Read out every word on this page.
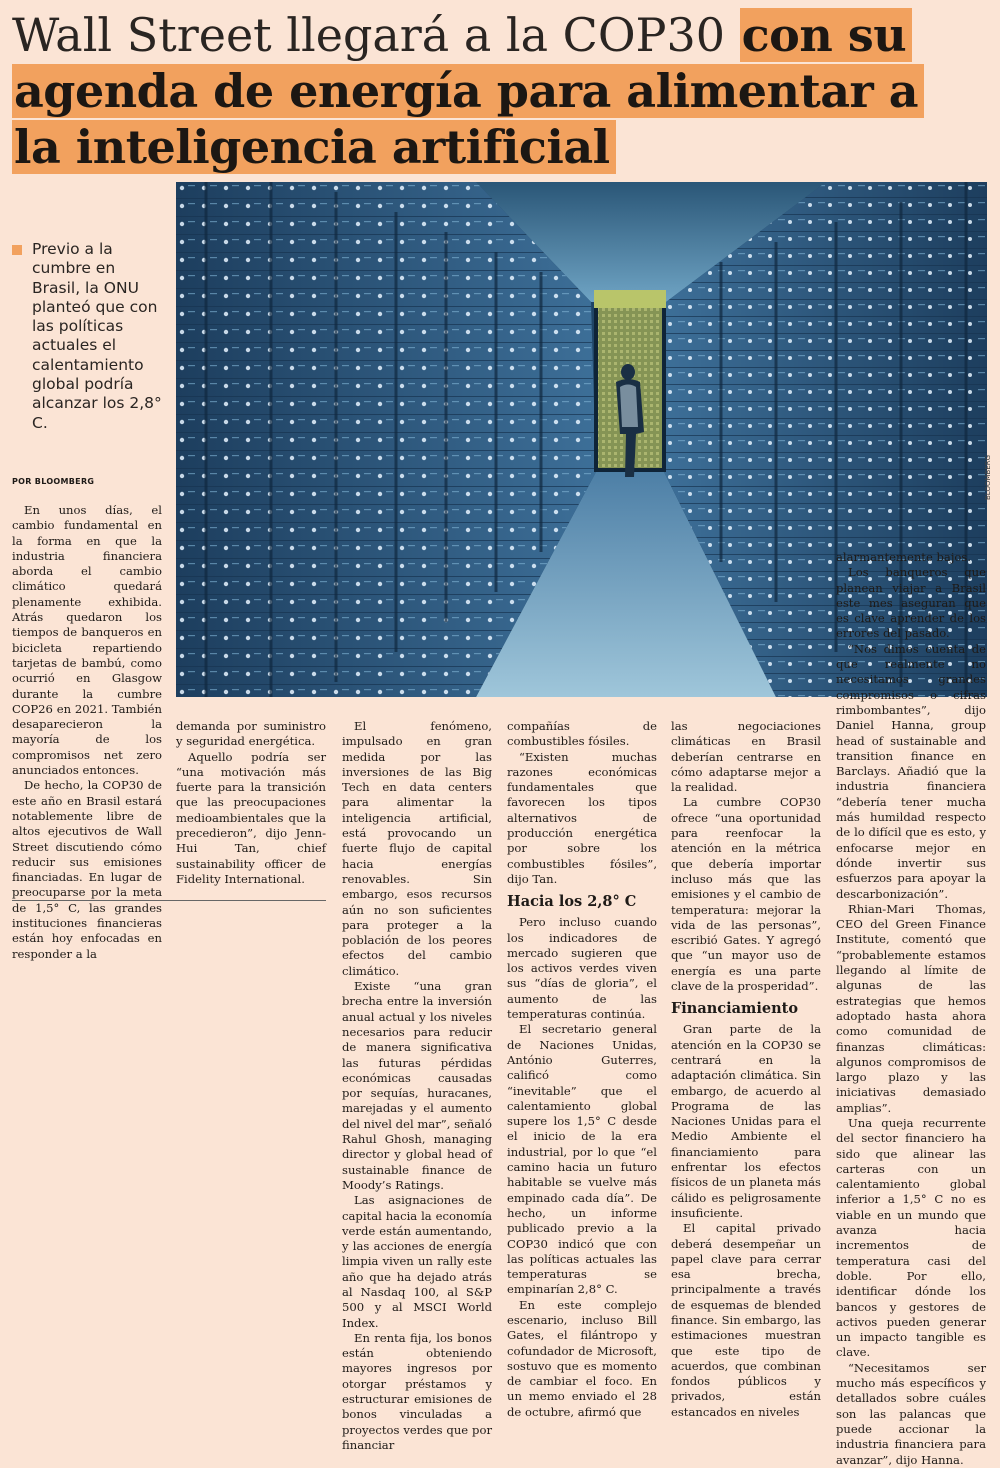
Wall Street llegará a la COP30 con su
agenda de energía para alimentar a
la inteligencia artificial
BLOOMBERG
Previo a la cumbre en Brasil, la ONU planteó que con las políticas actuales el calentamiento global podría alcanzar los 2,8° C.
POR BLOOMBERG

En unos días, el cambio fundamental en la forma en que la industria financiera aborda el cambio climático quedará plenamente exhibida. Atrás quedaron los tiempos de banqueros en bicicleta repartiendo tarjetas de bambú, como ocurrió en Glasgow durante la cumbre COP26 en 2021. También desaparecieron la mayoría de los compromisos net zero anunciados entonces.

De hecho, la COP30 de este año en Brasil estará notablemente libre de altos ejecutivos de Wall Street discutiendo cómo reducir sus emisiones financiadas. En lugar de preocuparse por la meta de 1,5° C, las grandes instituciones financieras están hoy enfocadas en responder a la

demanda por suministro y seguridad energética.

Aquello podría ser “una motivación más fuerte para la transición que las preocupaciones medioambientales que la precedieron”, dijo Jenn-Hui Tan, chief sustainability officer de Fidelity International.

El fenómeno, impulsado en gran medida por las inversiones de las Big Tech en data centers para alimentar la inteligencia artificial, está provocando un fuerte flujo de capital hacia energías renovables. Sin embargo, esos recursos aún no son suficientes para proteger a la población de los peores efectos del cambio climático.

Existe “una gran brecha entre la inversión anual actual y los niveles necesarios para reducir de manera significativa las futuras pérdidas económicas causadas por sequías, huracanes, marejadas y el aumento del nivel del mar”, señaló Rahul Ghosh, managing director y global head of sustainable finance de Moody’s Ratings.

Las asignaciones de capital hacia la economía verde están aumentando, y las acciones de energía limpia viven un rally este año que ha dejado atrás al Nasdaq 100, al S&P 500 y al MSCI World Index.

En renta fija, los bonos están obteniendo mayores ingresos por otorgar préstamos y estructurar emisiones de bonos vinculadas a proyectos verdes que por financiar

compañías de combustibles fósiles.

“Existen muchas razones económicas fundamentales que favorecen los tipos alternativos de producción energética por sobre los combustibles fósiles”, dijo Tan.

Hacia los 2,8° C

Pero incluso cuando los indicadores de mercado sugieren que los activos verdes viven sus “días de gloria”, el aumento de las temperaturas continúa.

El secretario general de Naciones Unidas, António Guterres, calificó como “inevitable” que el calentamiento global supere los 1,5° C desde el inicio de la era industrial, por lo que “el camino hacia un futuro habitable se vuelve más empinado cada día”. De hecho, un informe publicado previo a la COP30 indicó que con las políticas actuales las temperaturas se empinarían 2,8° C.

En este complejo escenario, incluso Bill Gates, el filántropo y cofundador de Microsoft, sostuvo que es momento de cambiar el foco. En un memo enviado el 28 de octubre, afirmó que

las negociaciones climáticas en Brasil deberían centrarse en cómo adaptarse mejor a la realidad.

La cumbre COP30 ofrece “una oportunidad para reenfocar la atención en la métrica que debería importar incluso más que las emisiones y el cambio de temperatura: mejorar la vida de las personas”, escribió Gates. Y agregó que “un mayor uso de energía es una parte clave de la prosperidad”.

Financiamiento

Gran parte de la atención en la COP30 se centrará en la adaptación climática. Sin embargo, de acuerdo al Programa de las Naciones Unidas para el Medio Ambiente el financiamiento para enfrentar los efectos físicos de un planeta más cálido es peligrosamente insuficiente.

El capital privado deberá desempeñar un papel clave para cerrar esa brecha, principalmente a través de esquemas de blended finance. Sin embargo, las estimaciones muestran que este tipo de acuerdos, que combinan fondos públicos y privados, están estancados en niveles

alarmantemente bajos.

Los banqueros que planean viajar a Brasil este mes aseguran que es clave aprender de los errores del pasado.

“Nos dimos cuenta de que realmente no necesitamos grandes compromisos o cifras rimbombantes”, dijo Daniel Hanna, group head of sustainable and transition finance en Barclays. Añadió que la industria financiera “debería tener mucha más humildad respecto de lo difícil que es esto, y enfocarse mejor en dónde invertir sus esfuerzos para apoyar la descarbonización”.

Rhian-Mari Thomas, CEO del Green Finance Institute, comentó que “probablemente estamos llegando al límite de algunas de las estrategias que hemos adoptado hasta ahora como comunidad de finanzas climáticas: algunos compromisos de largo plazo y las iniciativas demasiado amplias”.

Una queja recurrente del sector financiero ha sido que alinear las carteras con un calentamiento global inferior a 1,5° C no es viable en un mundo que avanza hacia incrementos de temperatura casi del doble. Por ello, identificar dónde los bancos y gestores de activos pueden generar un impacto tangible es clave.

“Necesitamos ser mucho más específicos y detallados sobre cuáles son las palancas que puede accionar la industria financiera para avanzar”, dijo Hanna.
